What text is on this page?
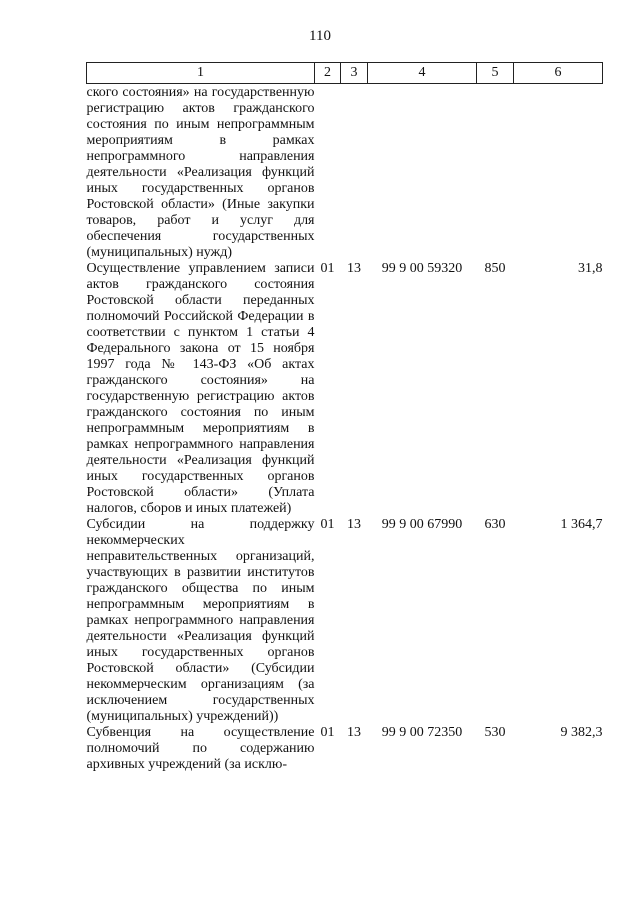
110
1	2	3	4	5	6
ского состояния» на государственную регистрацию актов гражданского состояния по иным непрограммным мероприятиям в рамках непрограммного направления деятельности «Реализация функций иных государственных органов Ростовской области» (Иные закупки товаров, работ и услуг для обеспечения государственных (муниципальных) нужд)					
Осуществление управлением записи актов гражданского состояния Ростовской области переданных полномочий Российской Федерации в соответствии с пунктом 1 статьи 4 Федерального закона от 15 ноября 1997 года № 143-ФЗ «Об актах гражданского состояния» на государственную регистрацию актов гражданского состояния по иным непрограммным мероприятиям в рамках непрограммного направления деятельности «Реализация функций иных государственных органов Ростовской области» (Уплата налогов, сборов и иных платежей)	01	13	99 9 00 59320	850	31,8
Субсидии на поддержку некоммерческих неправительственных организаций, участвующих в развитии институтов гражданского общества по иным непрограммным мероприятиям в рамках непрограммного направления деятельности «Реализация функций иных государственных органов Ростовской области» (Субсидии некоммерческим организациям (за исключением государственных (муниципальных) учреждений))	01	13	99 9 00 67990	630	1 364,7
Субвенция на осуществление полномочий по содержанию архивных учреждений (за исклю-	01	13	99 9 00 72350	530	9 382,3
